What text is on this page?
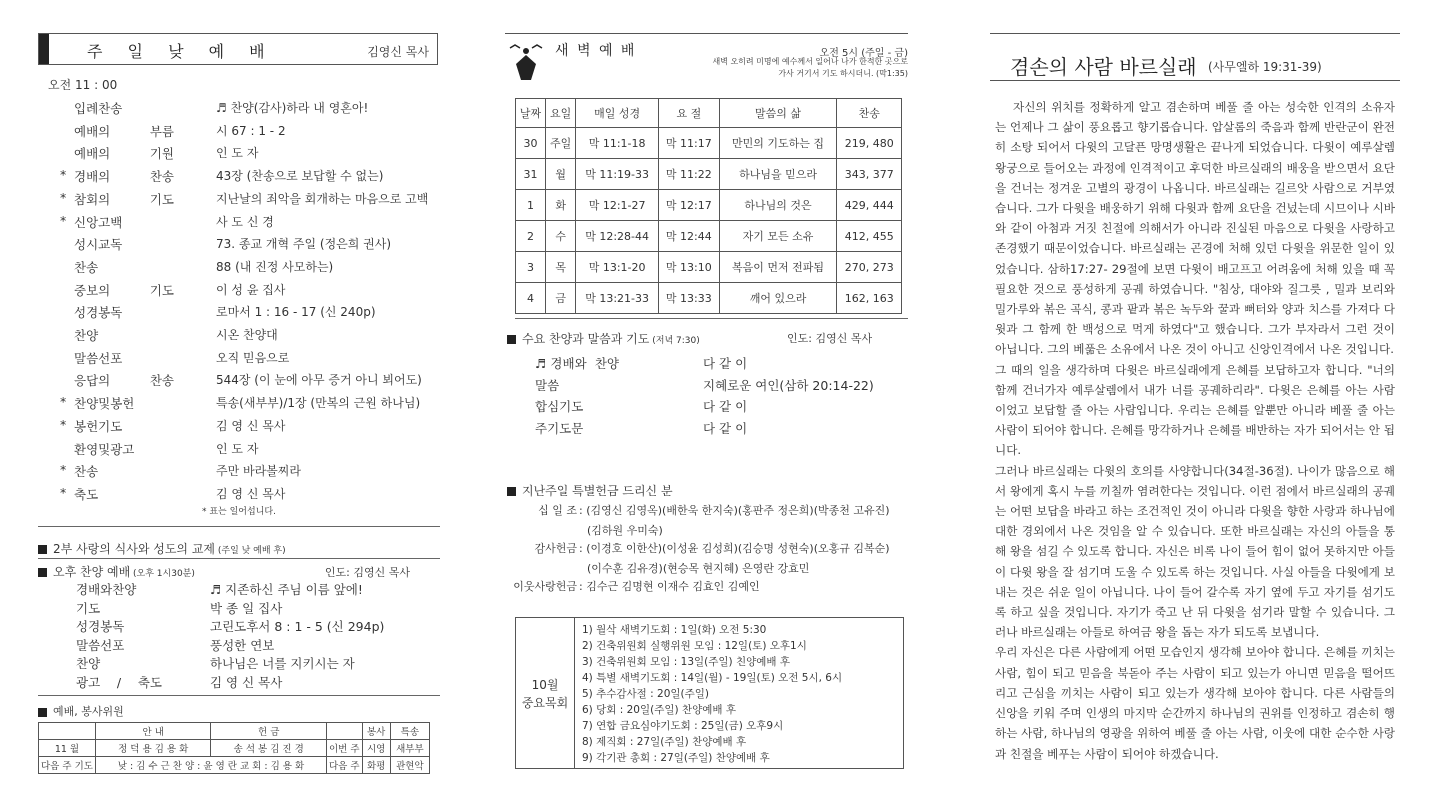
주 일 낮 예 배	김영신 목사
오전 11 : 00
입례찬송	♬ 찬양(감사)하라 내 영혼아!
예배의 부름	시 67 : 1 - 2
예배의 기원	인 도 자
* 경배의 찬송	43장 (찬송으로 보답할 수 없는)
* 참회의 기도	지난날의 죄악을 회개하는 마음으로 고백
* 신앙고백	사 도 신 경
성시교독	73. 종교 개혁 주일 (정은희 권사)
찬송	88 (내 진정 사모하는)
중보의 기도	이 성 윤 집사
성경봉독	로마서 1 : 16 - 17 (신 240p)
찬양	시온 찬양대
말씀선포	오직 믿음으로
응답의 찬송	544장 (이 눈에 아무 증거 아니 뵈어도)
* 찬양및봉헌	특송(새부부)/1장 (만복의 근원 하나님)
* 봉헌기도	김 영 신 목사
환영및광고	인 도 자
* 찬송	주만 바라볼찌라
* 축도	김 영 신 목사
* 표는 일어섭니다.
2부 사랑의 식사와 성도의 교제 (주일 낮 예배 후)
오후 찬양 예배 (오후 1시30분)	인도: 김영신 목사
경배와찬양	♬ 지존하신 주님 이름 앞에!
기도	박 종 일 집사
성경봉독	고린도후서 8 : 1 - 5 (신 294p)
말씀선포	풍성한 연보
찬양	하나님은 너를 지키시는 자
광고 / 축도	김 영 신 목사
예배, 봉사위원
	안 내	헌 금		봉사	특송
11 월	정 덕 용 김 용 화	송 석 봉 김 진 경	이번 주	시영	새부부
다음 주 기도	낮 : 김 수 근 찬 양 : 윤 영 란 교 회 : 김 용 화		다음 주	화평	관현악
새 벽 예 배	오전 5시 (주일 - 금)
새벽 오히려 미명에 예수께서 일어나 나가 한적한 곳으로 가사 거기서 기도 하시더니. (막1:35)
날짜	요일	매일 성경	요 절	말씀의 삶	찬송
30	주일	막 11:1-18	막 11:17	만민의 기도하는 집	219, 480
31	월	막 11:19-33	막 11:22	하나님을 믿으라	343, 377
1	화	막 12:1-27	막 12:17	하나님의 것은	429, 444
2	수	막 12:28-44	막 12:44	자기 모든 소유	412, 455
3	목	막 13:1-20	막 13:10	복음이 먼저 전파됨	270, 273
4	금	막 13:21-33	막 13:33	깨어 있으라	162, 163
수요 찬양과 말씀과 기도 (저녁 7:30)	인도: 김영신 목사
♬경배와 찬양	다 같 이
말씀	지혜로운 여인(삼하 20:14-22)
합심기도	다 같 이
주기도문	다 같 이
지난주일 특별헌금 드리신 분
십 일 조 : (김영신 김영옥)(배한욱 한지숙)(홍판주 정은희)(박종천 고유진)
(김하원 우미숙)
감사헌금 : (이경호 이한산)(이성윤 김성희)(김승명 성현숙)(오홍규 김복순)
(이수훈 김유경)(현승목 현지혜) 은영란 강효민
이웃사랑헌금 : 김수근 김명현 이재수 김효인 김예인
10월
중요목회
1) 월삭 새벽기도회 : 1일(화) 오전 5:30
2) 건축위원회 실행위원 모임 : 12일(토) 오후1시
3) 건축위원회 모임 : 13일(주일) 친양예배 후
4) 특별 새벽기도회 : 14일(월) - 19일(토) 오전 5시, 6시
5) 추수감사절 : 20일(주일)
6) 당회 : 20일(주일) 찬양예배 후
7) 연합 금요심야기도회 : 25일(금) 오후9시
8) 제직회 : 27일(주일) 찬양예배 후
9) 각기관 총회 : 27일(주일) 찬양예배 후
겸손의 사람 바르실래 (사무엘하 19:31-39)

자신의 위치를 정확하게 알고 겸손하며 베풀 줄 아는 성숙한 인격의 소유자는 언제나 그 삶이 풍요롭고 향기롭습니다. 압살롬의 죽음과 함께 반란군이 완전히 소탕 되어서 다윗의 고달픈 망명생활은 끝나게 되었습니다. 다윗이 예루살렘 왕궁으로 들어오는 과정에 인격적이고 후덕한 바르실래의 배웅을 받으면서 요단을 건너는 정겨운 고별의 광경이 나옵니다. 바르실래는 길르앗 사람으로 거부였습니다. 그가 다윗을 배웅하기 위해 다윗과 함께 요단을 건넜는데 시므이나 시바와 같이 아첨과 거짓 친절에 의해서가 아니라 진실된 마음으로 다윗을 사랑하고 존경했기 때문이었습니다. 바르실래는 곤경에 처해 있던 다윗을 위문한 일이 있었습니다. 삼하17:27- 29절에 보면 다윗이 배고프고 어려움에 처해 있을 때 꼭 필요한 것으로 풍성하게 공궤 하였습니다. "침상, 대야와 질그릇 , 밀과 보리와 밀가루와 볶은 곡식, 콩과 팥과 볶은 녹두와 꿀과 뻐터와 양과 치스를 가져다 다윗과 그 함께 한 백성으로 먹게 하였다"고 했습니다. 그가 부자라서 그런 것이 아닙니다. 그의 베풂은 소유에서 나온 것이 아니고 신앙인격에서 나온 것입니다.

그 때의 일을 생각하며 다윗은 바르실래에게 은혜를 보답하고자 합니다. "너의 함께 건너가자 예루살렘에서 내가 너를 공궤하리라". 다윗은 은혜를 아는 사람이었고 보답할 줄 아는 사람입니다. 우리는 은혜를 알뿐만 아니라 베풀 줄 아는 사람이 되어야 합니다. 은혜를 망각하거나 은혜를 배반하는 자가 되어서는 안 됩니다.

그러나 바르실래는 다윗의 호의를 사양합니다(34절-36절). 나이가 많음으로 해서 왕에게 혹시 누를 끼칠까 염려한다는 것입니다. 이런 점에서 바르실래의 공궤는 어떤 보답을 바라고 하는 조건적인 것이 아니라 다윗을 향한 사랑과 하나님에 대한 경외에서 나온 것임을 알 수 있습니다. 또한 바르실래는 자신의 아들을 통해 왕을 섬길 수 있도록 합니다. 자신은 비록 나이 들어 힘이 없어 못하지만 아들이 다윗 왕을 잘 섬기며 도울 수 있도록 하는 것입니다. 사실 아들을 다윗에게 보내는 것은 쉬운 일이 아닙니다. 나이 들어 갈수록 자기 옆에 두고 자기를 섬기도록 하고 싶을 것입니다. 자기가 죽고 난 뒤 다윗을 섬기라 말할 수 있습니다. 그러나 바르실래는 아들로 하여금 왕을 돕는 자가 되도록 보냅니다.

우리 자신은 다른 사람에게 어떤 모습인지 생각해 보아야 합니다. 은혜를 끼치는 사람, 힘이 되고 믿음을 북돋아 주는 사람이 되고 있는가 아니면 믿음을 떨어뜨리고 근심을 끼치는 사람이 되고 있는가 생각해 보아야 합니다. 다른 사람들의 신앙을 키워 주며 인생의 마지막 순간까지 하나님의 권위를 인정하고 겸손히 행하는 사람, 하나님의 영광을 위하여 베풀 줄 아는 사람, 이웃에 대한 순수한 사랑과 친절을 베푸는 사람이 되어야 하겠습니다.
